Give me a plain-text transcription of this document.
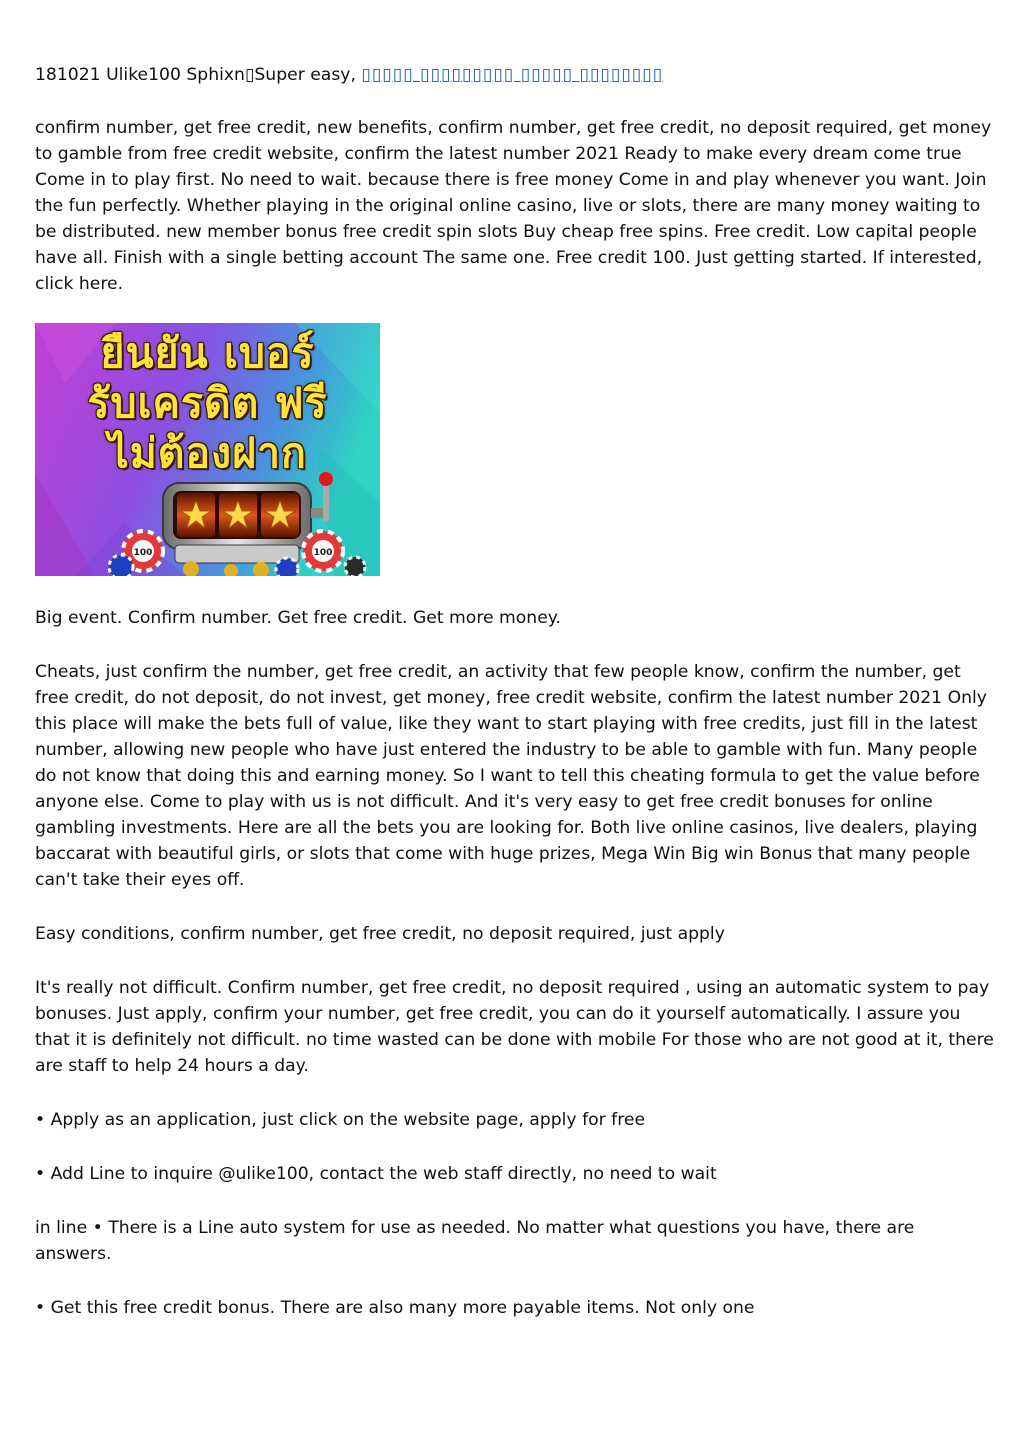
181021 Ulike100 Sphixn▯Super easy, ▯▯▯▯▯ ▯▯▯▯▯▯▯▯▯ ▯▯▯▯▯ ▯▯▯▯▯▯▯▯

confirm number, get free credit, new benefits, confirm number, get free credit, no deposit required, get money to gamble from free credit website, confirm the latest number 2021 Ready to make every dream come true Come in to play first. No need to wait. because there is free money Come in and play whenever you want. Join the fun perfectly. Whether playing in the original online casino, live or slots, there are many money waiting to be distributed. new member bonus free credit spin slots Buy cheap free spins. Free credit. Low capital people have all. Finish with a single betting account The same one. Free credit 100. Just getting started. If interested, click here.

100	100
ยืนยัน เบอร์
รับเครดิต ฟรี
ไม่ต้องฝาก

Big event. Confirm number. Get free credit. Get more money.

Cheats, just confirm the number, get free credit, an activity that few people know, confirm the number, get free credit, do not deposit, do not invest, get money, free credit website, confirm the latest number 2021 Only this place will make the bets full of value, like they want to start playing with free credits, just fill in the latest number, allowing new people who have just entered the industry to be able to gamble with fun. Many people do not know that doing this and earning money. So I want to tell this cheating formula to get the value before anyone else. Come to play with us is not difficult. And it's very easy to get free credit bonuses for online gambling investments. Here are all the bets you are looking for. Both live online casinos, live dealers, playing baccarat with beautiful girls, or slots that come with huge prizes, Mega Win Big win Bonus that many people can't take their eyes off.

Easy conditions, confirm number, get free credit, no deposit required, just apply

It's really not difficult. Confirm number, get free credit, no deposit required , using an automatic system to pay bonuses. Just apply, confirm your number, get free credit, you can do it yourself automatically. I assure you that it is definitely not difficult. no time wasted can be done with mobile For those who are not good at it, there are staff to help 24 hours a day.

• Apply as an application, just click on the website page, apply for free

• Add Line to inquire @ulike100, contact the web staff directly, no need to wait

in line • There is a Line auto system for use as needed. No matter what questions you have, there are answers.

• Get this free credit bonus. There are also many more payable items. Not only one
